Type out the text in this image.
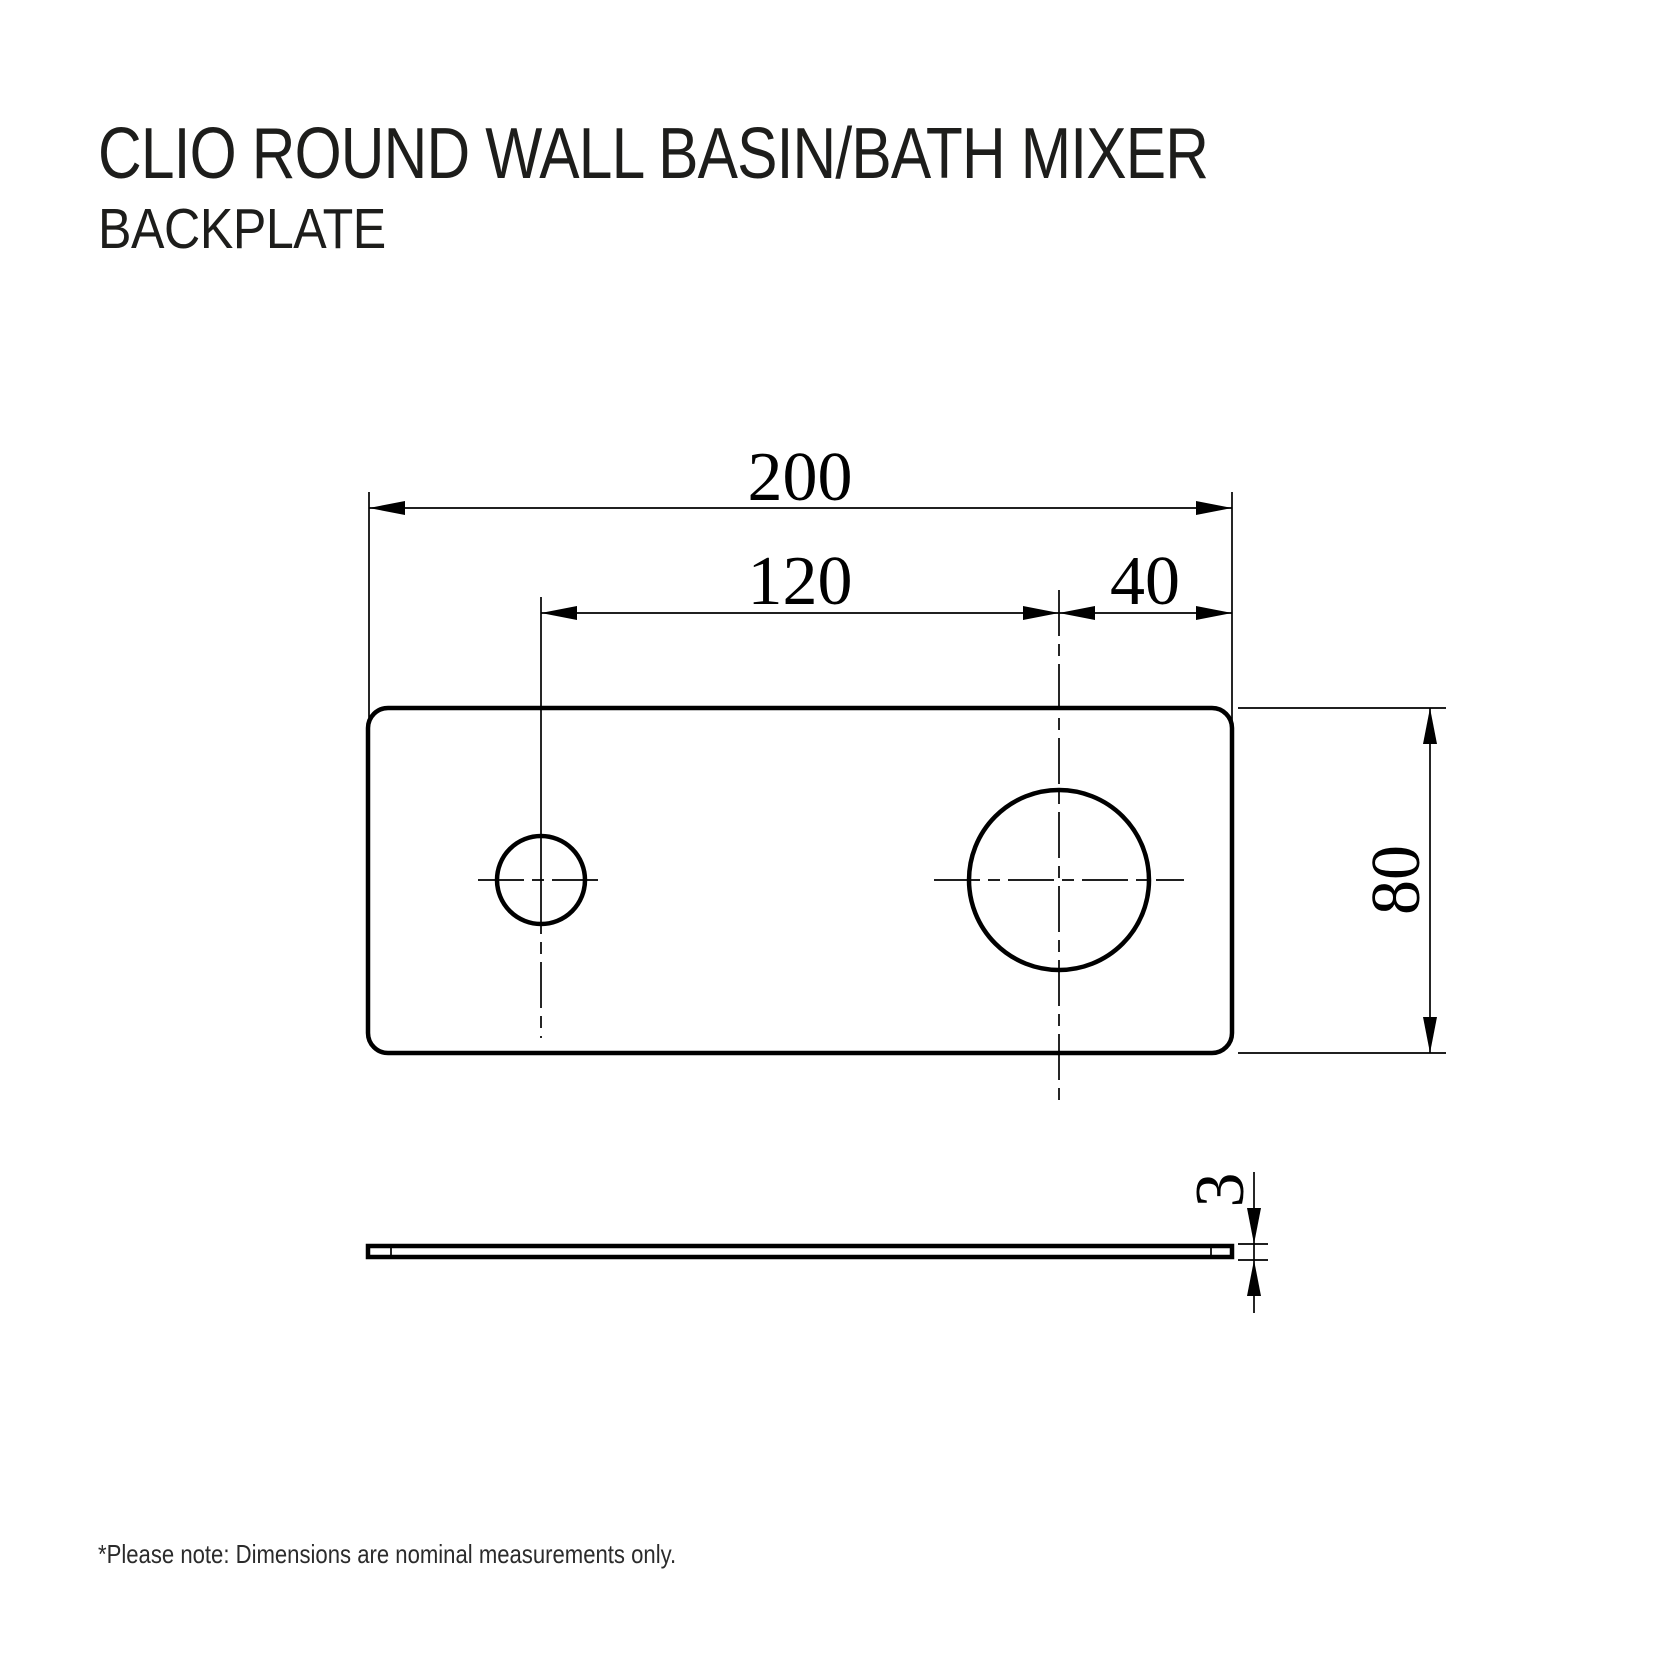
CLIO ROUND WALL BASIN/BATH MIXER
BACKPLATE
200
120	40
80
3
*Please note: Dimensions are nominal measurements only.
